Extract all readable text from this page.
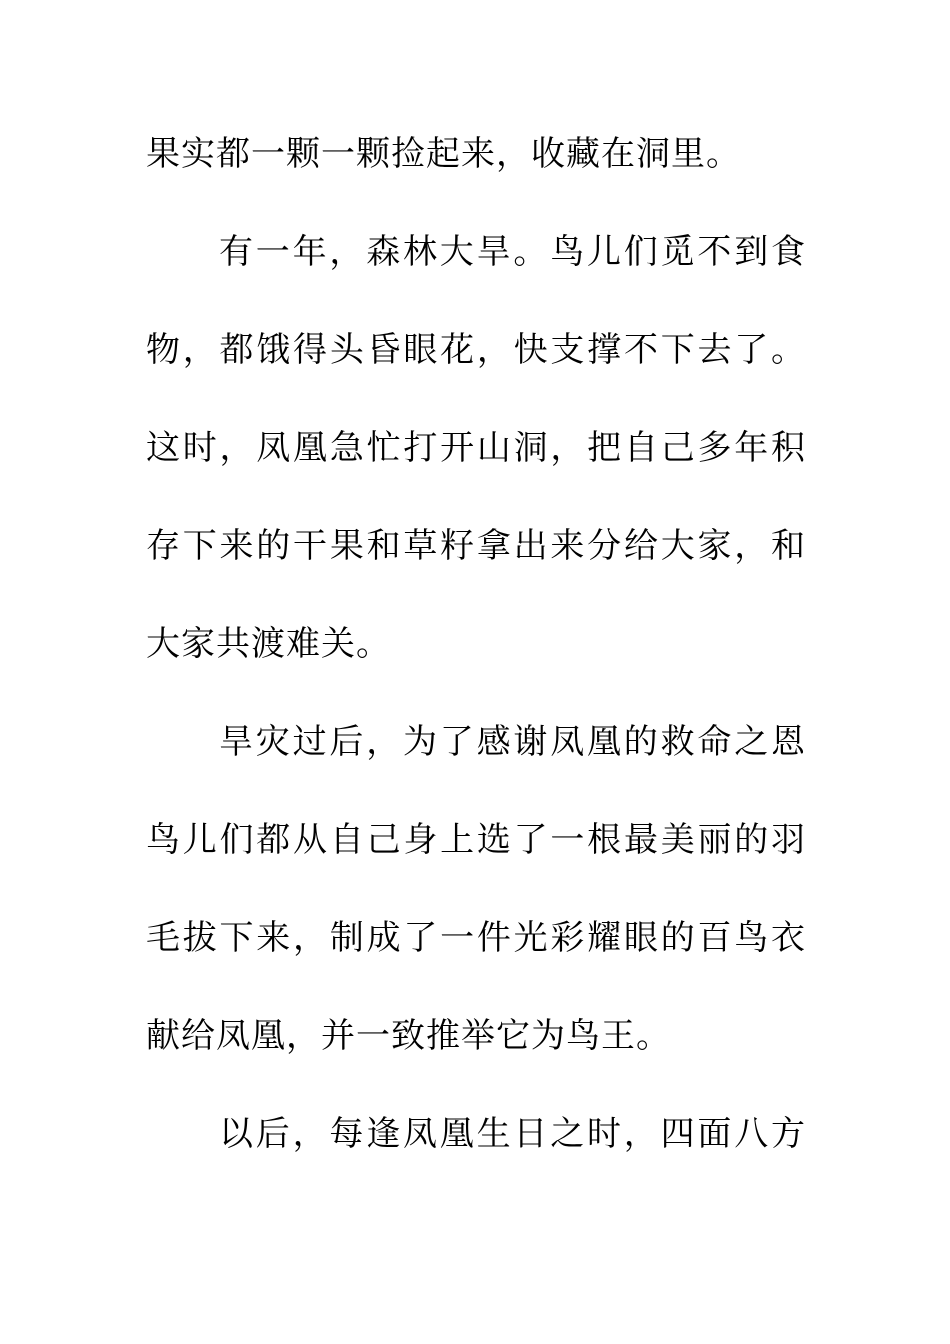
果实都一颗一颗捡起来，收藏在洞里。
有一年，森林大旱。鸟儿们觅不到食
物，都饿得头昏眼花，快支撑不下去了。
这时，凤凰急忙打开山洞，把自己多年积
存下来的干果和草籽拿出来分给大家，和
大家共渡难关。
旱灾过后，为了感谢凤凰的救命之恩
鸟儿们都从自己身上选了一根最美丽的羽
毛拔下来，制成了一件光彩耀眼的百鸟衣
献给凤凰，并一致推举它为鸟王。
以后，每逢凤凰生日之时，四面八方
